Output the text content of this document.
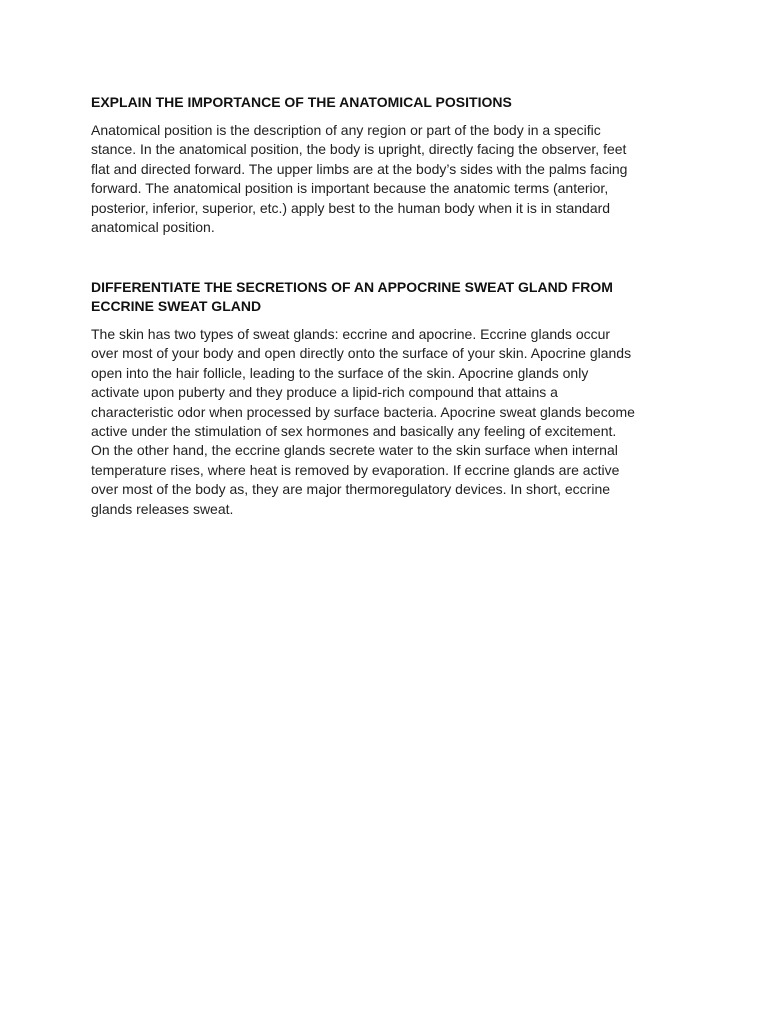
EXPLAIN THE IMPORTANCE OF THE ANATOMICAL POSITIONS

Anatomical position is the description of any region or part of the body in a specific
stance. In the anatomical position, the body is upright, directly facing the observer, feet
flat and directed forward. The upper limbs are at the body’s sides with the palms facing
forward. The anatomical position is important because the anatomic terms (anterior,
posterior, inferior, superior, etc.) apply best to the human body when it is in standard
anatomical position.

DIFFERENTIATE THE SECRETIONS OF AN APPOCRINE SWEAT GLAND FROM
ECCRINE SWEAT GLAND

The skin has two types of sweat glands: eccrine and apocrine. Eccrine glands occur
over most of your body and open directly onto the surface of your skin. Apocrine glands
open into the hair follicle, leading to the surface of the skin. Apocrine glands only
activate upon puberty and they produce a lipid-rich compound that attains a
characteristic odor when processed by surface bacteria. Apocrine sweat glands become
active under the stimulation of sex hormones and basically any feeling of excitement.
On the other hand, the eccrine glands secrete water to the skin surface when internal
temperature rises, where heat is removed by evaporation. If eccrine glands are active
over most of the body as, they are major thermoregulatory devices. In short, eccrine
glands releases sweat.
